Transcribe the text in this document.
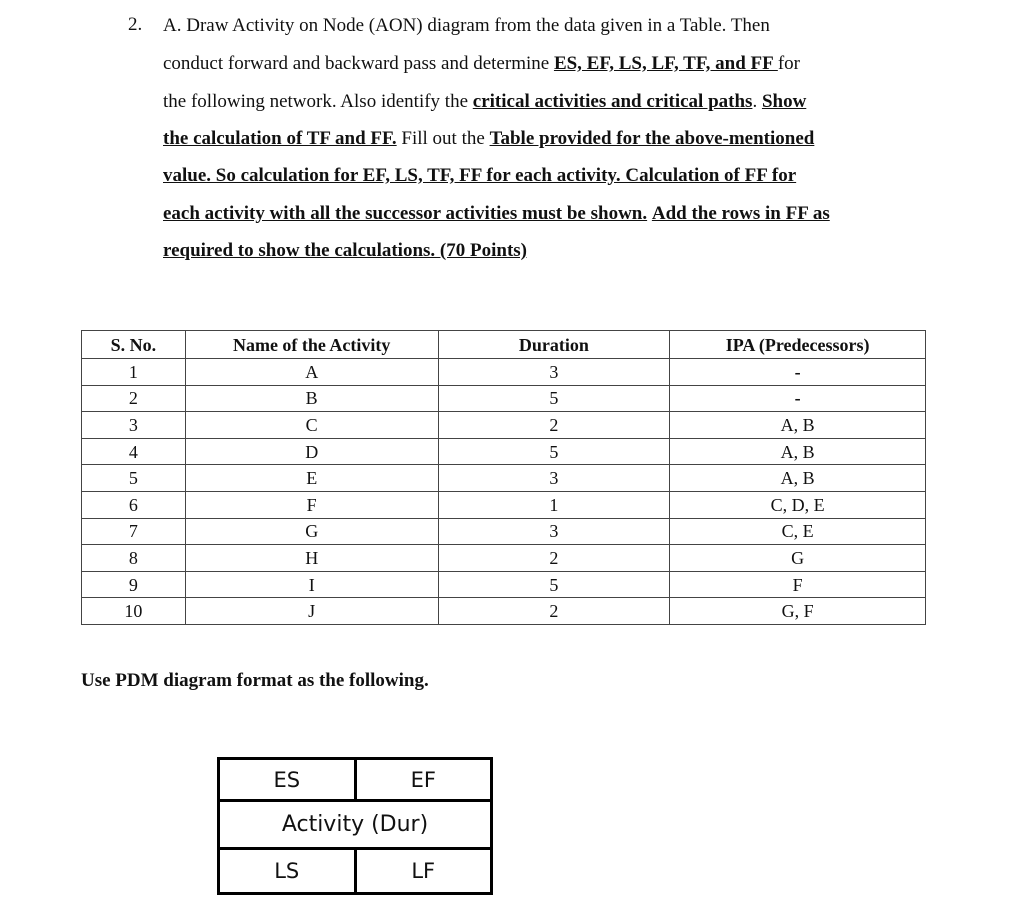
2. A. Draw Activity on Node (AON) diagram from the data given in a Table. Then
conduct forward and backward pass and determine ES, EF, LS, LF, TF, and FF for
the following network. Also identify the critical activities and critical paths. Show
the calculation of TF and FF. Fill out the Table provided for the above-mentioned
value. So calculation for EF, LS, TF, FF for each activity. Calculation of FF for
each activity with all the successor activities must be shown. Add the rows in FF as
required to show the calculations. (70 Points)
S. No.	Name of the Activity	Duration	IPA (Predecessors)
1	A	3	-
2	B	5	-
3	C	2	A, B
4	D	5	A, B
5	E	3	A, B
6	F	1	C, D, E
7	G	3	C, E
8	H	2	G
9	I	5	F
10	J	2	G, F
Use PDM diagram format as the following.
ES	EF
Activity (Dur)
LS	LF
